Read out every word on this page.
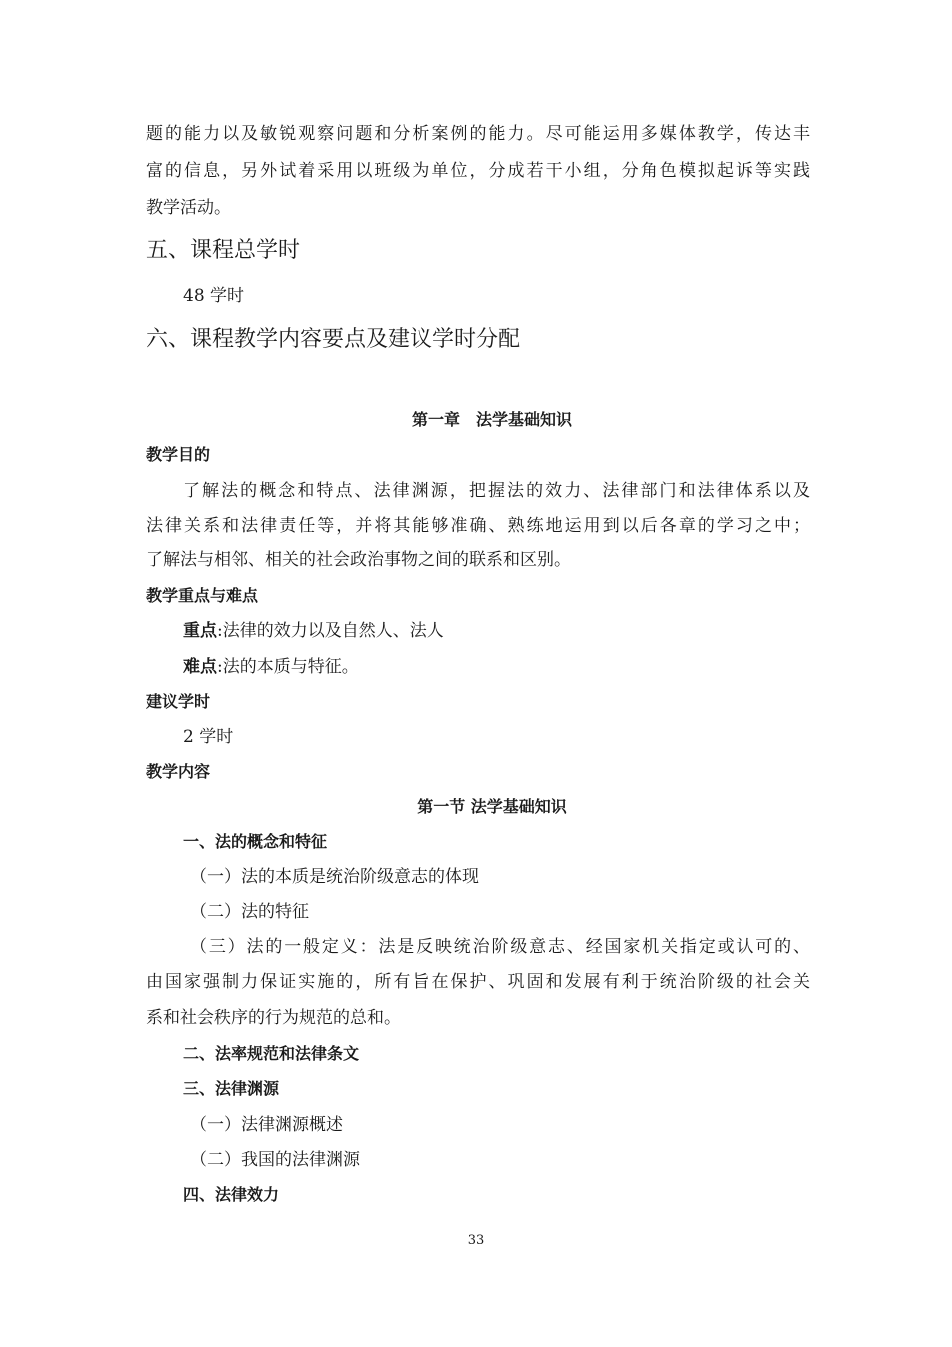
题的能力以及敏锐观察问题和分析案例的能力。尽可能运用多媒体教学，传达丰
富的信息，另外试着采用以班级为单位，分成若干小组，分角色模拟起诉等实践
教学活动。
五、课程总学时
48 学时
六、课程教学内容要点及建议学时分配
第一章　法学基础知识
教学目的
了解法的概念和特点、法律渊源，把握法的效力、法律部门和法律体系以及
法律关系和法律责任等，并将其能够准确、熟练地运用到以后各章的学习之中；
了解法与相邻、相关的社会政治事物之间的联系和区别。
教学重点与难点
重点:法律的效力以及自然人、法人
难点:法的本质与特征。
建议学时
2 学时
教学内容
第一节 法学基础知识
一、法的概念和特征
（一）法的本质是统治阶级意志的体现
（二）法的特征
（三）法的一般定义：法是反映统治阶级意志、经国家机关指定或认可的、
由国家强制力保证实施的，所有旨在保护、巩固和发展有利于统治阶级的社会关
系和社会秩序的行为规范的总和。
二、法率规范和法律条文
三、法律渊源
（一）法律渊源概述
（二）我国的法律渊源
四、法律效力
33
